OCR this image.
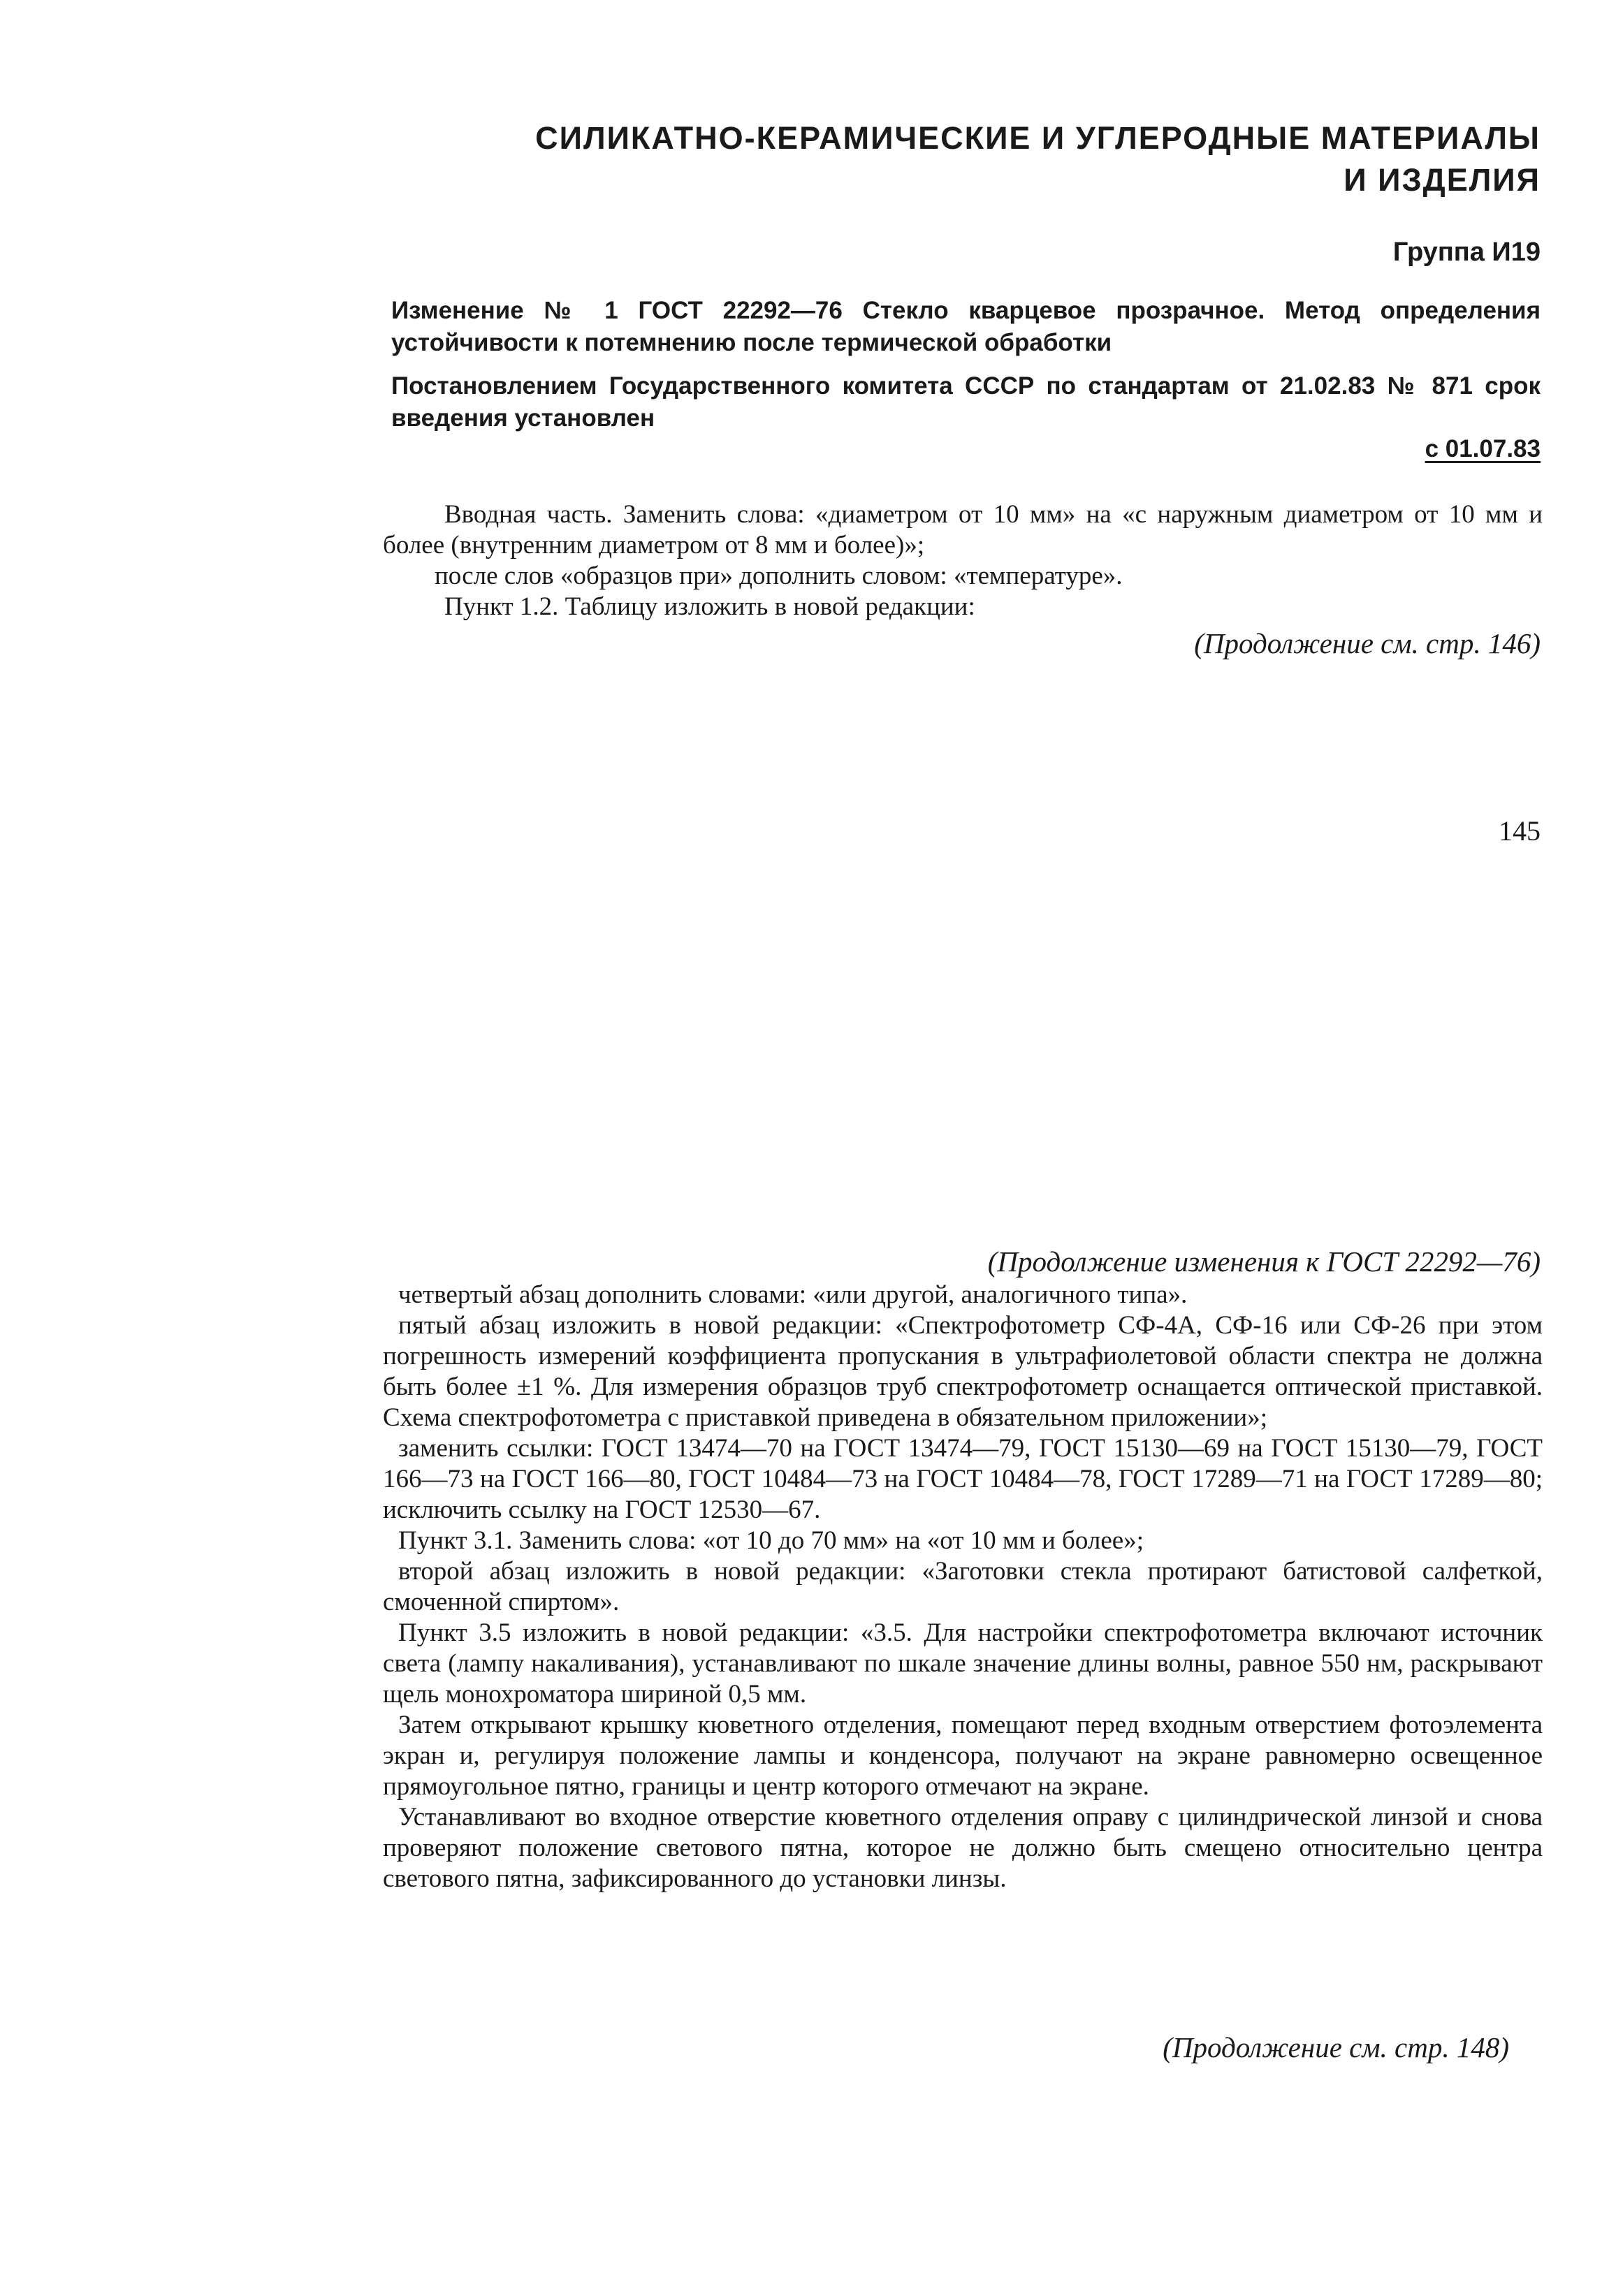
СИЛИКАТНО-КЕРАМИЧЕСКИЕ И УГЛЕРОДНЫЕ МАТЕРИАЛЫ
И ИЗДЕЛИЯ
Группа И19
Изменение № 1 ГОСТ 22292—76 Стекло кварцевое прозрачное. Метод определения устойчивости к потемнению после термической обработки
Постановлением Государственного комитета СССР по стандартам от 21.02.83 № 871 срок введения установлен
с 01.07.83
Вводная часть. Заменить слова: «диаметром от 10 мм» на «с наружным диаметром от 10 мм и более (внутренним диаметром от 8 мм и более)»;
после слов «образцов при» дополнить словом: «температуре».
Пункт 1.2. Таблицу изложить в новой редакции:
(Продолжение см. стр. 146)
145
(Продолжение изменения к ГОСТ 22292—76)
четвертый абзац дополнить словами: «или другой, аналогичного типа».
пятый абзац изложить в новой редакции: «Спектрофотометр СФ-4А, СФ-16 или СФ-26 при этом погрешность измерений коэффициента пропускания в ультрафиолетовой области спектра не должна быть более ±1 %. Для измерения образцов труб спектрофотометр оснащается оптической приставкой. Схема спектрофотометра с приставкой приведена в обязательном приложении»;
заменить ссылки: ГОСТ 13474—70 на ГОСТ 13474—79, ГОСТ 15130—69 на ГОСТ 15130—79, ГОСТ 166—73 на ГОСТ 166—80, ГОСТ 10484—73 на ГОСТ 10484—78, ГОСТ 17289—71 на ГОСТ 17289—80; исключить ссылку на ГОСТ 12530—67.
Пункт 3.1. Заменить слова: «от 10 до 70 мм» на «от 10 мм и более»;
второй абзац изложить в новой редакции: «Заготовки стекла протирают батистовой салфеткой, смоченной спиртом».
Пункт 3.5 изложить в новой редакции: «3.5. Для настройки спектрофотометра включают источник света (лампу накаливания), устанавливают по шкале значение длины волны, равное 550 нм, раскрывают щель монохроматора шириной 0,5 мм.
Затем открывают крышку кюветного отделения, помещают перед входным отверстием фотоэлемента экран и, регулируя положение лампы и конденсора, получают на экране равномерно освещенное прямоугольное пятно, границы и центр которого отмечают на экране.
Устанавливают во входное отверстие кюветного отделения оправу с цилиндрической линзой и снова проверяют положение светового пятна, которое не должно быть смещено относительно центра светового пятна, зафиксированного до установки линзы.
(Продолжение см. стр. 148)
